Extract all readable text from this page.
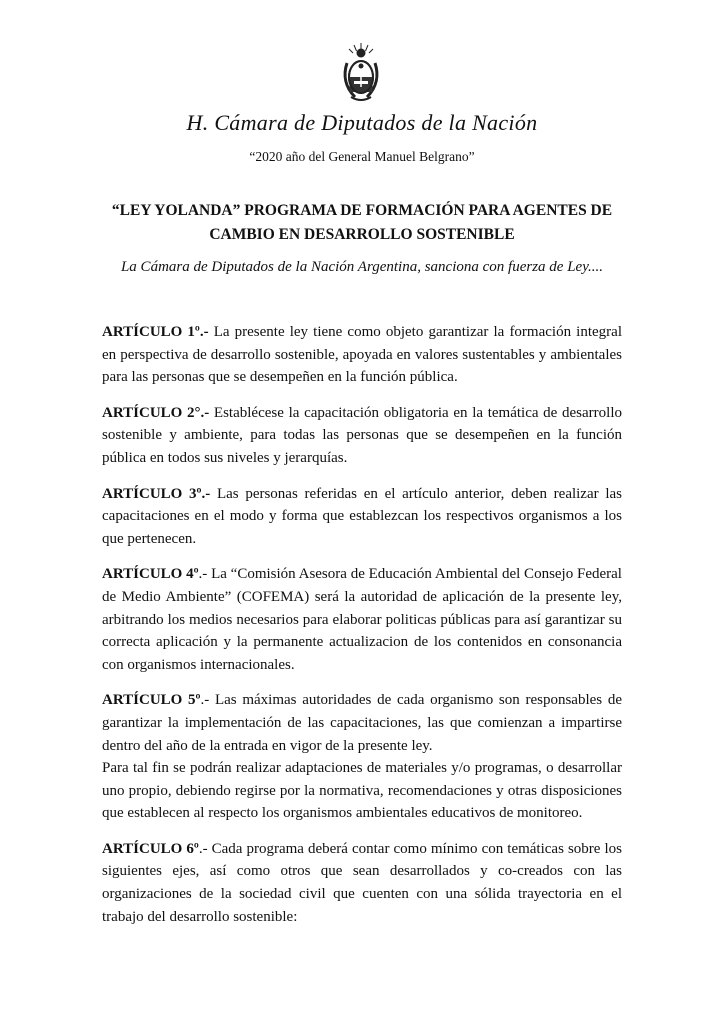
H. Cámara de Diputados de la Nación
“2020 año del General Manuel Belgrano”
“LEY YOLANDA” PROGRAMA DE FORMACIÓN PARA AGENTES DE
CAMBIO EN DESARROLLO SOSTENIBLE
La Cámara de Diputados de la Nación Argentina, sanciona con fuerza de Ley....

ARTÍCULO 1º.- La presente ley tiene como objeto garantizar la formación integral en perspectiva de desarrollo sostenible, apoyada en valores sustentables y ambientales para las personas que se desempeñen en la función pública.

ARTÍCULO 2°.- Establécese la capacitación obligatoria en la temática de desarrollo sostenible y ambiente, para todas las personas que se desempeñen en la función pública en todos sus niveles y jerarquías.

ARTÍCULO 3º.- Las personas referidas en el artículo anterior, deben realizar las capacitaciones en el modo y forma que establezcan los respectivos organismos a los que pertenecen.

ARTÍCULO 4º.- La “Comisión Asesora de Educación Ambiental del Consejo Federal de Medio Ambiente” (COFEMA) será la autoridad de aplicación de la presente ley, arbitrando los medios necesarios para elaborar politicas públicas para así garantizar su correcta aplicación y la permanente actualizacion de los contenidos en consonancia con organismos internacionales.

ARTÍCULO 5º.- Las máximas autoridades de cada organismo son responsables de garantizar la implementación de las capacitaciones, las que comienzan a impartirse dentro del año de la entrada en vigor de la presente ley.

Para tal fin se podrán realizar adaptaciones de materiales y/o programas, o desarrollar uno propio, debiendo regirse por la normativa, recomendaciones y otras disposiciones que establecen al respecto los organismos ambientales educativos de monitoreo.

ARTÍCULO 6º.- Cada programa deberá contar como mínimo con temáticas sobre los siguientes ejes, así como otros que sean desarrollados y co-creados con las organizaciones de la sociedad civil que cuenten con una sólida trayectoria en el trabajo del desarrollo sostenible:
